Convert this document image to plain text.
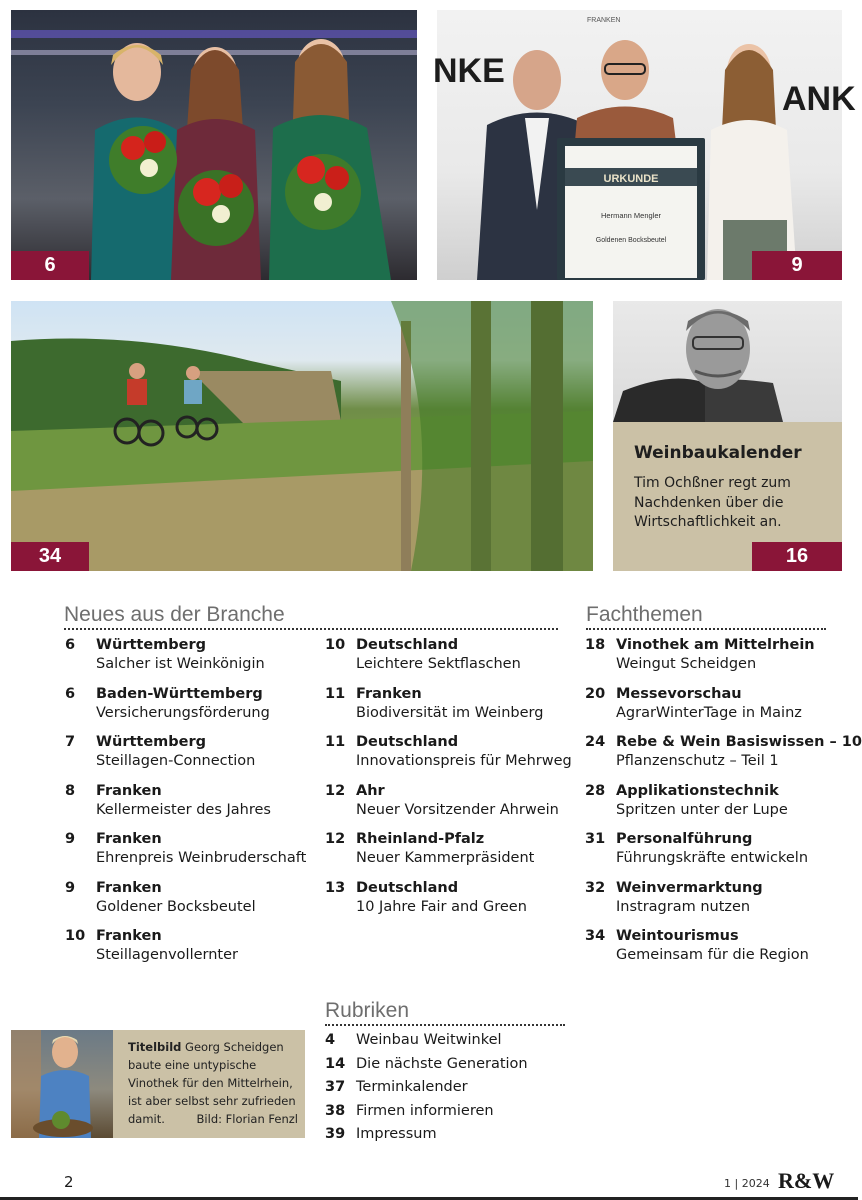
6
NKE
ANK
URKUNDE
Hermann Mengler
Goldenen Bocksbeutel
FRANKEN
9
34
Weinbaukalender
Tim Ochßner regt zum Nachdenken über die Wirtschaftlichkeit an.
16
Neues aus der Branche	Fachthemen
6 Württemberg
Salcher ist Weinkönigin
6 Baden-Württemberg
Versicherungsförderung
7 Württemberg
Steillagen-Connection
8 Franken
Kellermeister des Jahres
9 Franken
Ehrenpreis Weinbruderschaft
9 Franken
Goldener Bocksbeutel
10 Franken
Steillagenvollernter
10 Deutschland
Leichtere Sektflaschen
11 Franken
Biodiversität im Weinberg
11 Deutschland
Innovationspreis für Mehrweg
12 Ahr
Neuer Vorsitzender Ahrwein
12 Rheinland-Pfalz
Neuer Kammerpräsident
13 Deutschland
10 Jahre Fair and Green
18 Vinothek am Mittelrhein
Weingut Scheidgen
20 Messevorschau
AgrarWinterTage in Mainz
24 Rebe & Wein Basiswissen – 10
Pflanzenschutz – Teil 1
28 Applikationstechnik
Spritzen unter der Lupe
31 Personalführung
Führungskräfte entwickeln
32 Weinvermarktung
Instragram nutzen
34 Weintourismus
Gemeinsam für die Region
Rubriken
4 Weinbau Weitwinkel
14 Die nächste Generation
37 Terminkalender
38 Firmen informieren
39 Impressum
Titelbild Georg Scheidgen baute eine untypische Vinothek für den Mittelrhein, ist aber selbst sehr zufrieden damit.	Bild: Florian Fenzl
2	1 | 2024 R&W
